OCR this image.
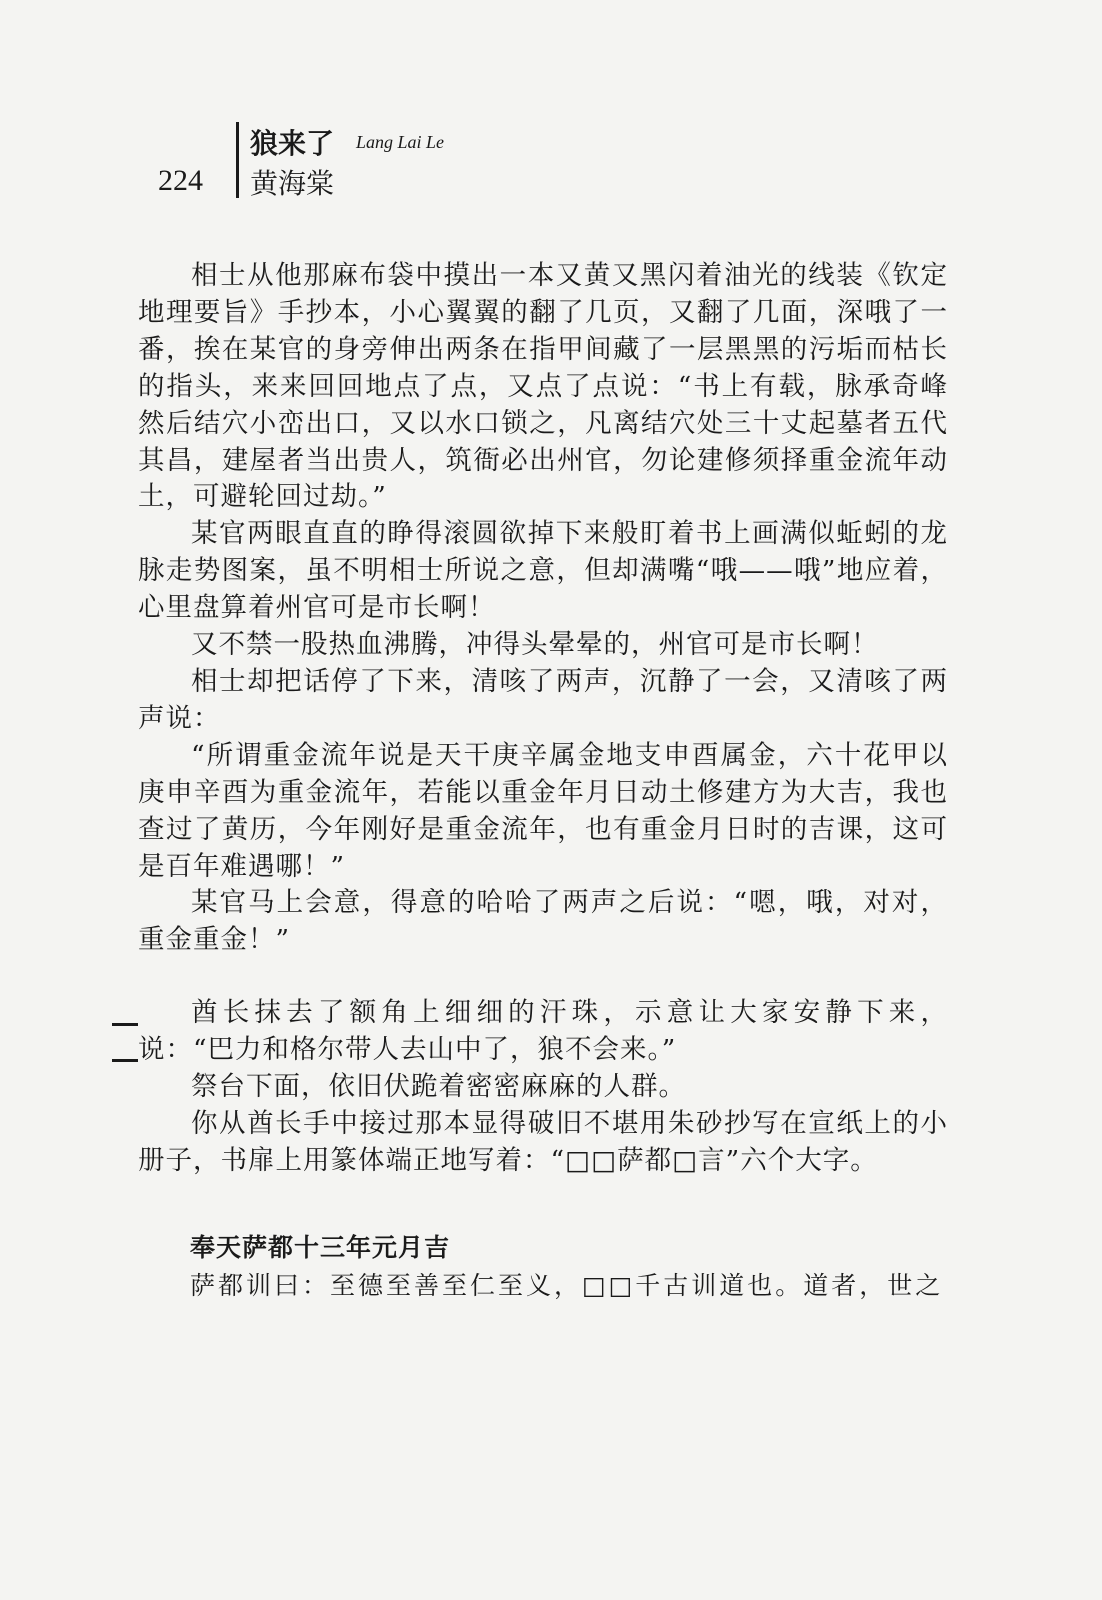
224
狼来了 Lang Lai Le
黄海棠

相士从他那麻布袋中摸出一本又黄又黑闪着油光的线装《钦定地理要旨》手抄本，小心翼翼的翻了几页，又翻了几面，深哦了一番，挨在某官的身旁伸出两条在指甲间藏了一层黑黑的污垢而枯长的指头，来来回回地点了点，又点了点说：“书上有载，脉承奇峰然后结穴小峦出口，又以水口锁之，凡离结穴处三十丈起墓者五代其昌，建屋者当出贵人，筑衙必出州官，勿论建修须择重金流年动土，可避轮回过劫。”

某官两眼直直的睁得滚圆欲掉下来般盯着书上画满似蚯蚓的龙脉走势图案，虽不明相士所说之意，但却满嘴“哦——哦”地应着，心里盘算着州官可是市长啊！

又不禁一股热血沸腾，冲得头晕晕的，州官可是市长啊！

相士却把话停了下来，清咳了两声，沉静了一会，又清咳了两声说：

“所谓重金流年说是天干庚辛属金地支申酉属金，六十花甲以庚申辛酉为重金流年，若能以重金年月日动土修建方为大吉，我也查过了黄历，今年刚好是重金流年，也有重金月日时的吉课，这可是百年难遇哪！”

某官马上会意，得意的哈哈了两声之后说：“嗯，哦，对对，重金重金！”

酋长抹去了额角上细细的汗珠，示意让大家安静下来，说：“巴力和格尔带人去山中了，狼不会来。”

祭台下面，依旧伏跪着密密麻麻的人群。

你从酋长手中接过那本显得破旧不堪用朱砂抄写在宣纸上的小册子，书扉上用篆体端正地写着：“□□萨都□言”六个大字。

奉天萨都十三年元月吉

萨都训曰：至德至善至仁至义，□□千古训道也。道者，世之
